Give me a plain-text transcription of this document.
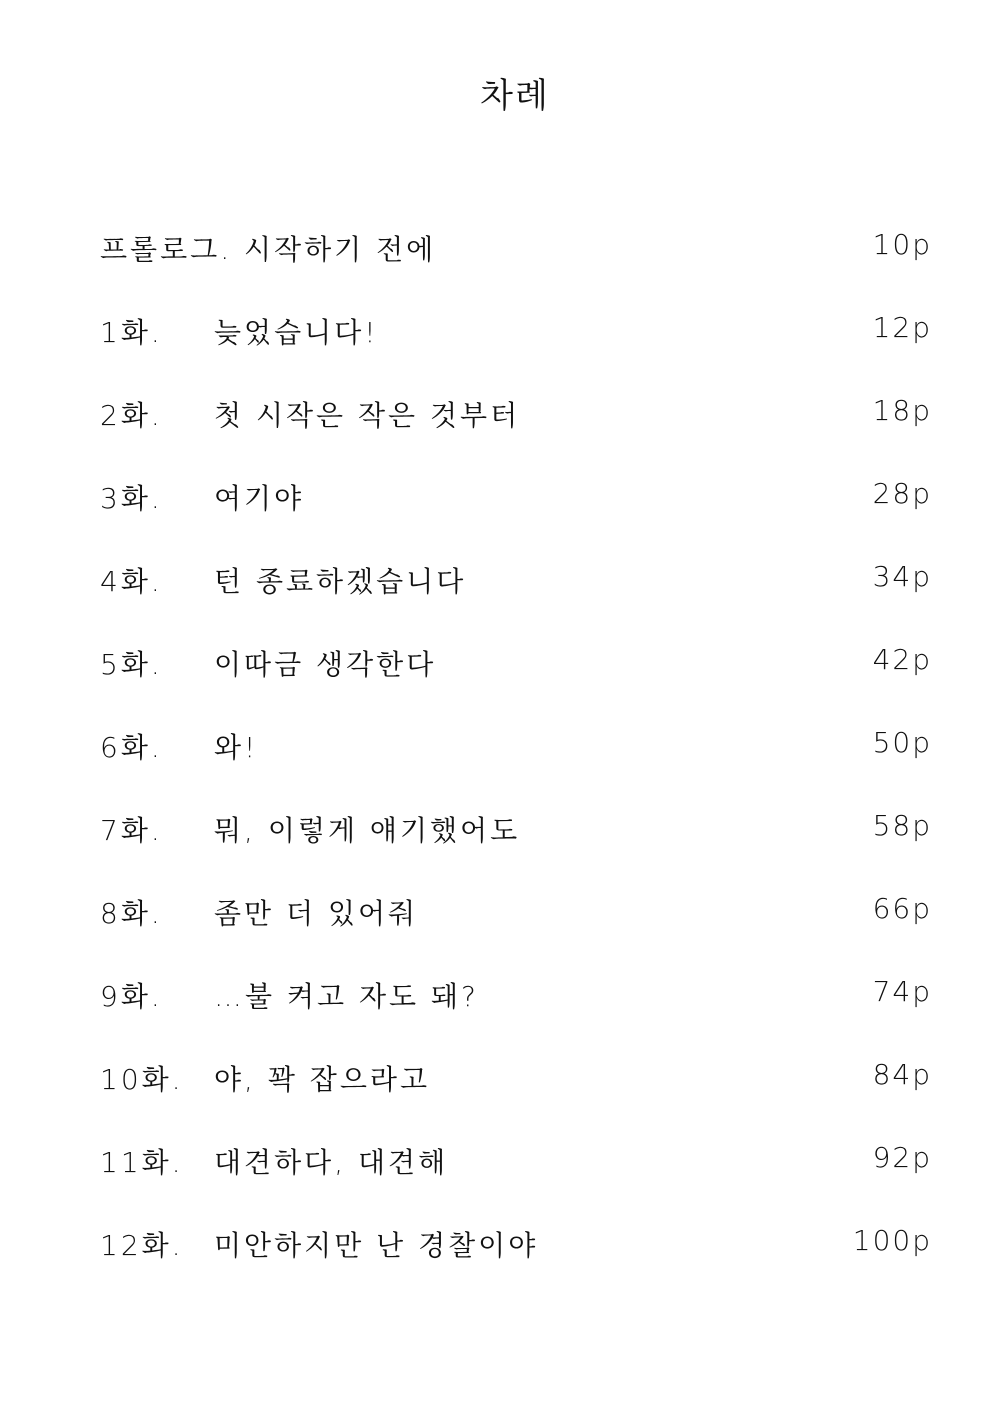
차례
프롤로그. 시작하기 전에	10p
1화. 늦었습니다!	12p
2화. 첫 시작은 작은 것부터	18p
3화. 여기야	28p
4화. 턴 종료하겠습니다	34p
5화. 이따금 생각한다	42p
6화. 와!	50p
7화. 뭐, 이렇게 얘기했어도	58p
8화. 좀만 더 있어줘	66p
9화. …불 켜고 자도 돼?	74p
10화. 야, 꽉 잡으라고	84p
11화. 대견하다, 대견해	92p
12화. 미안하지만 난 경찰이야	100p
